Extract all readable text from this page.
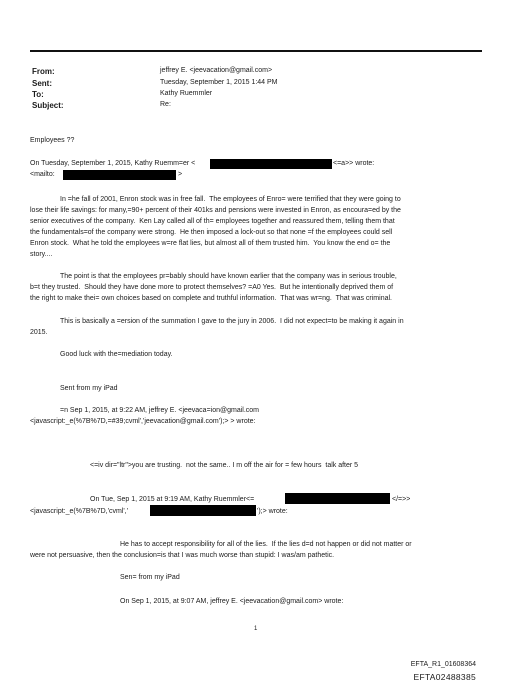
From:	jeffrey E. <jeevacation@gmail.com>
Sent:	Tuesday, September 1, 2015 1:44 PM
To:	Kathy Ruemmler
Subject:	Re:
Employees ??
On Tuesday, September 1, 2015, Kathy Ruemm=er <	<=a>> wrote:
<mailto:	>
In =he fall of 2001, Enron stock was in free fall.  The employees of Enro= were terrified that they were going to
lose their life savings: for many,=90+ percent of their 401ks and pensions were invested in Enron, as encoura=ed by the
senior executives of the company.  Ken Lay called all of th= employees together and reassured them, telling them that
the fundamentals=of the company were strong.  He then imposed a lock-out so that none =f the employees could sell
Enron stock.  What he told the employees w=re flat lies, but almost all of them trusted him.  You know the end o= the
story....
The point is that the employees pr=bably should have known earlier that the company was in serious trouble,
b=t they trusted.  Should they have done more to protect themselves? =A0 Yes.  But he intentionally deprived them of
the right to make thei= own choices based on complete and truthful information.  That was wr=ng.  That was criminal.
This is basically a =ersion of the summation I gave to the jury in 2006.  I did not expect=to be making it again in
2015.
Good luck with the=mediation today.
Sent from my iPad
=n Sep 1, 2015, at 9:22 AM, jeffrey E. <jeevaca=ion@gmail.com
<javascript:_e(%7B%7D,=#39;cvml','jeevacation@gmail.com');> > wrote:
<=iv dir="ltr">you are trusting.  not the same.. I m off the air for = few hours  talk after 5
On Tue, Sep 1, 2015 at 9:19 AM, Kathy Ruemmler<=	</=>>
<javascript:_e(%7B%7D,'cvml','	');> wrote:
He has to accept responsibility for all of the lies.  If the lies d=d not happen or did not matter or
were not persuasive, then the conclusion=is that I was much worse than stupid: I was/am pathetic.
Sen= from my iPad
On Sep 1, 2015, at 9:07 AM, jeffrey E. <jeevacation@gmail.com> wrote:
1
EFTA_R1_01608364
EFTA02488385
